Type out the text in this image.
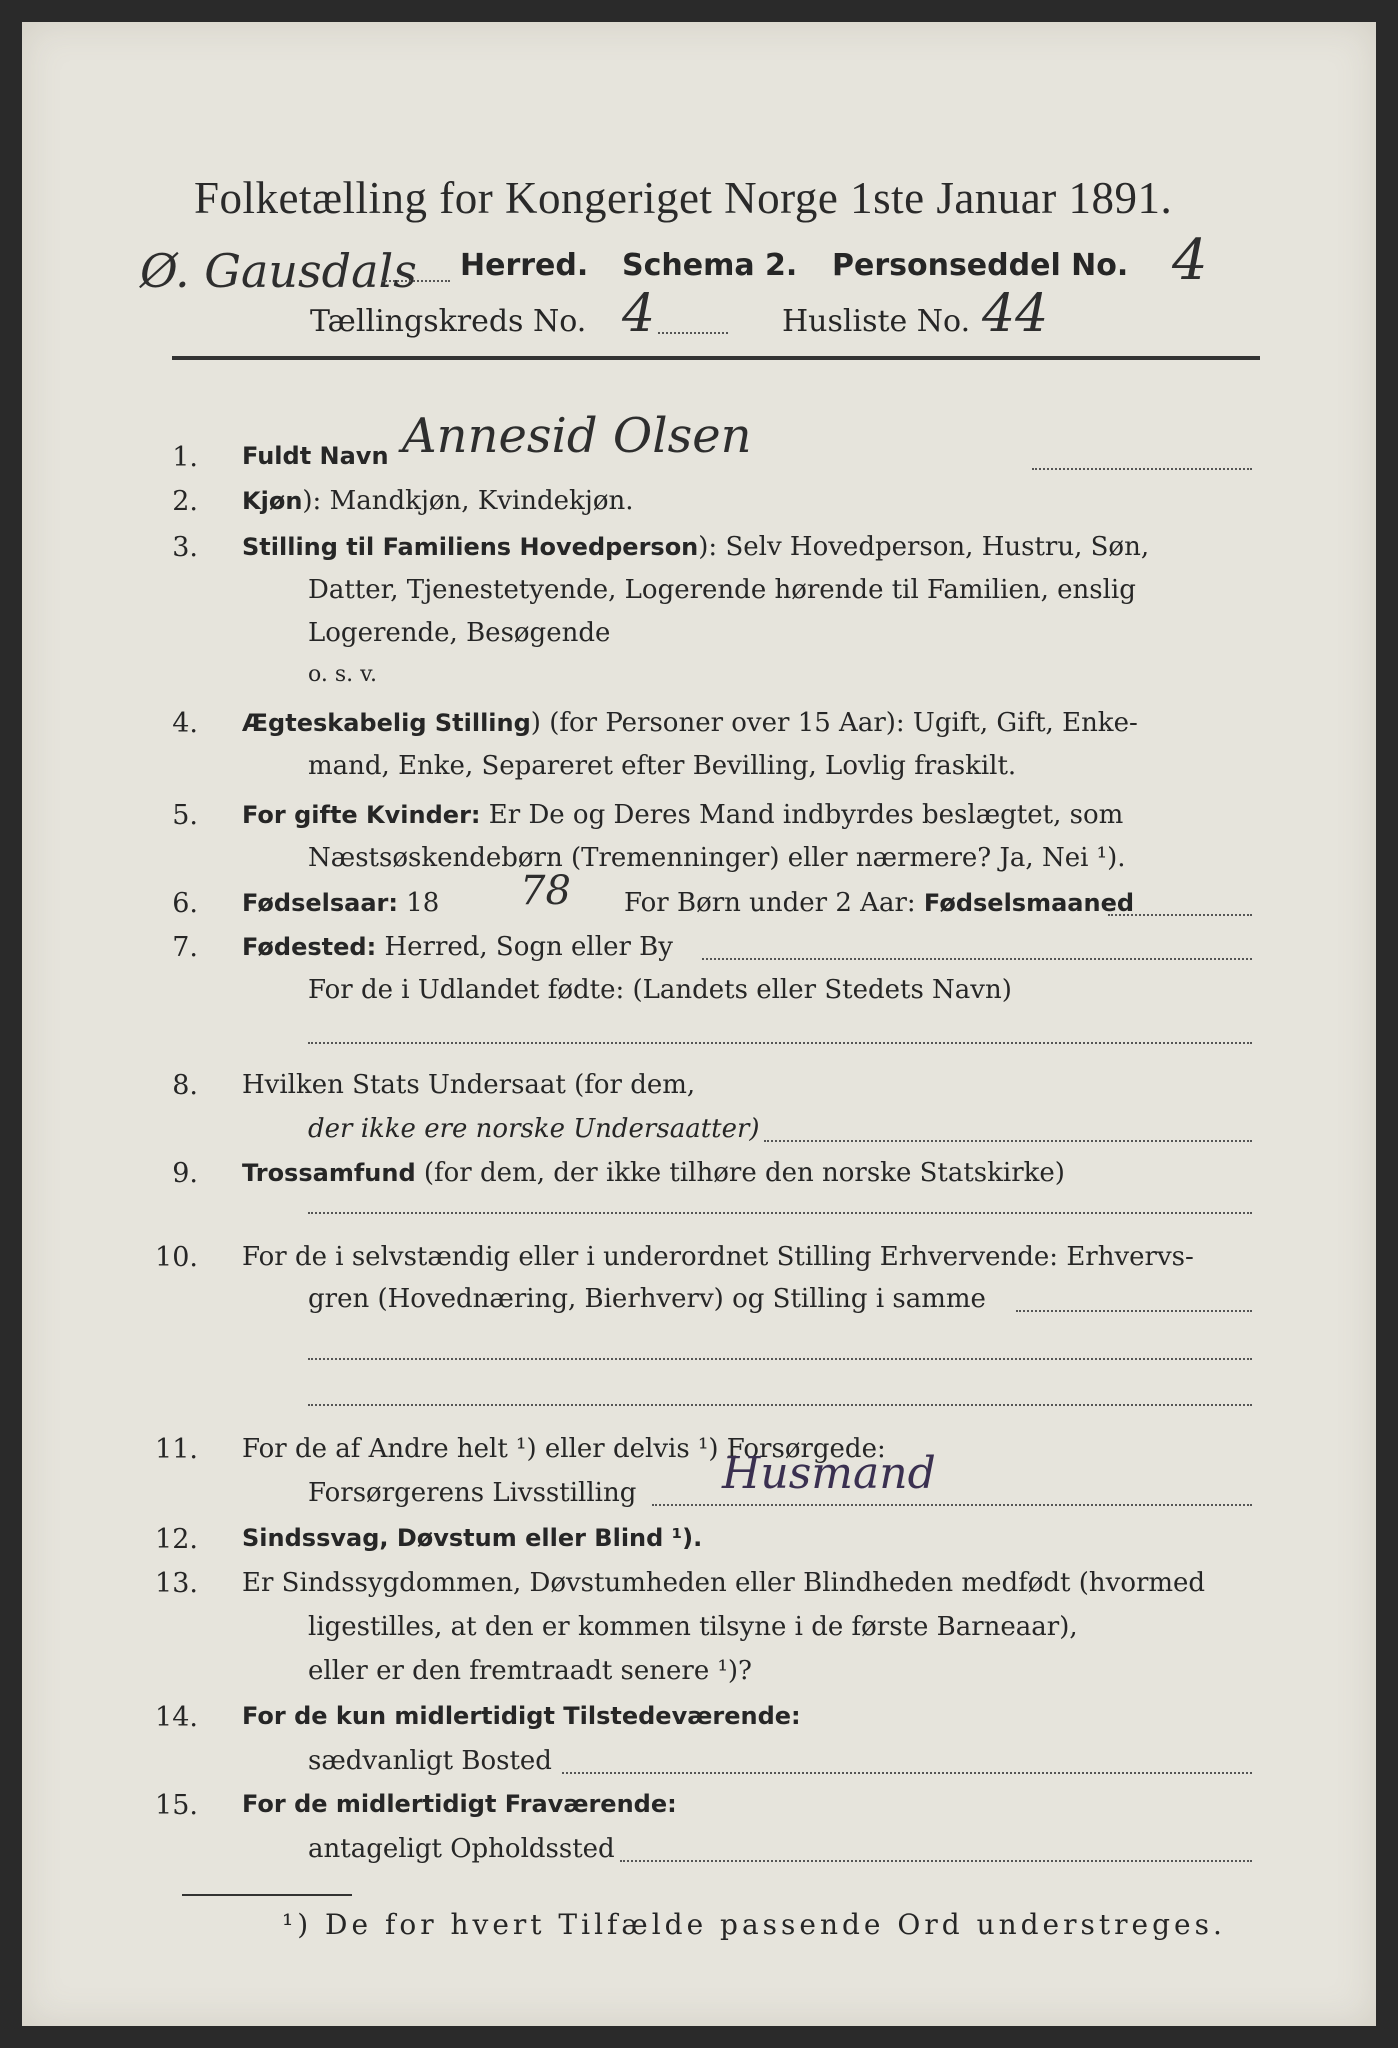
Folketælling for Kongeriget Norge 1ste Januar 1891.
Ø. Gausdals Herred. Schema 2. Personseddel No. 4
Tællingskreds No. 4	Husliste No. 44
1. Fuldt Navn Annesid Olsen
2. Kjøn): Mandkjøn, Kvindekjøn.
3. Stilling til Familiens Hovedperson): Selv Hovedperson, Hustru, Søn,
Datter, Tjenestetyende, Logerende hørende til Familien, enslig
Logerende, Besøgende
o. s. v.
4. Ægteskabelig Stilling) (for Personer over 15 Aar): Ugift, Gift, Enke-
mand, Enke, Separeret efter Bevilling, Lovlig fraskilt.
5. For gifte Kvinder: Er De og Deres Mand indbyrdes beslægtet, som
Næstsøskendebørn (Tremenninger) eller nærmere? Ja, Nei ¹).
6. Fødselsaar: 18 78 For Børn under 2 Aar: Fødselsmaaned
7. Fødested: Herred, Sogn eller By
For de i Udlandet fødte: (Landets eller Stedets Navn)
8. Hvilken Stats Undersaat (for dem,
der ikke ere norske Undersaatter)
9. Trossamfund (for dem, der ikke tilhøre den norske Statskirke)
10. For de i selvstændig eller i underordnet Stilling Erhvervende: Erhvervs-
gren (Hovednæring, Bierhverv) og Stilling i samme
11. For de af Andre helt ¹) eller delvis ¹) Forsørgede:
Forsørgerens Livsstilling Husmand
12. Sindssvag, Døvstum eller Blind ¹).
13. Er Sindssygdommen, Døvstumheden eller Blindheden medfødt (hvormed
ligestilles, at den er kommen tilsyne i de første Barneaar),
eller er den fremtraadt senere ¹)?
14. For de kun midlertidigt Tilstedeværende:
sædvanligt Bosted
15. For de midlertidigt Fraværende:
antageligt Opholdssted
¹) De for hvert Tilfælde passende Ord understreges.
